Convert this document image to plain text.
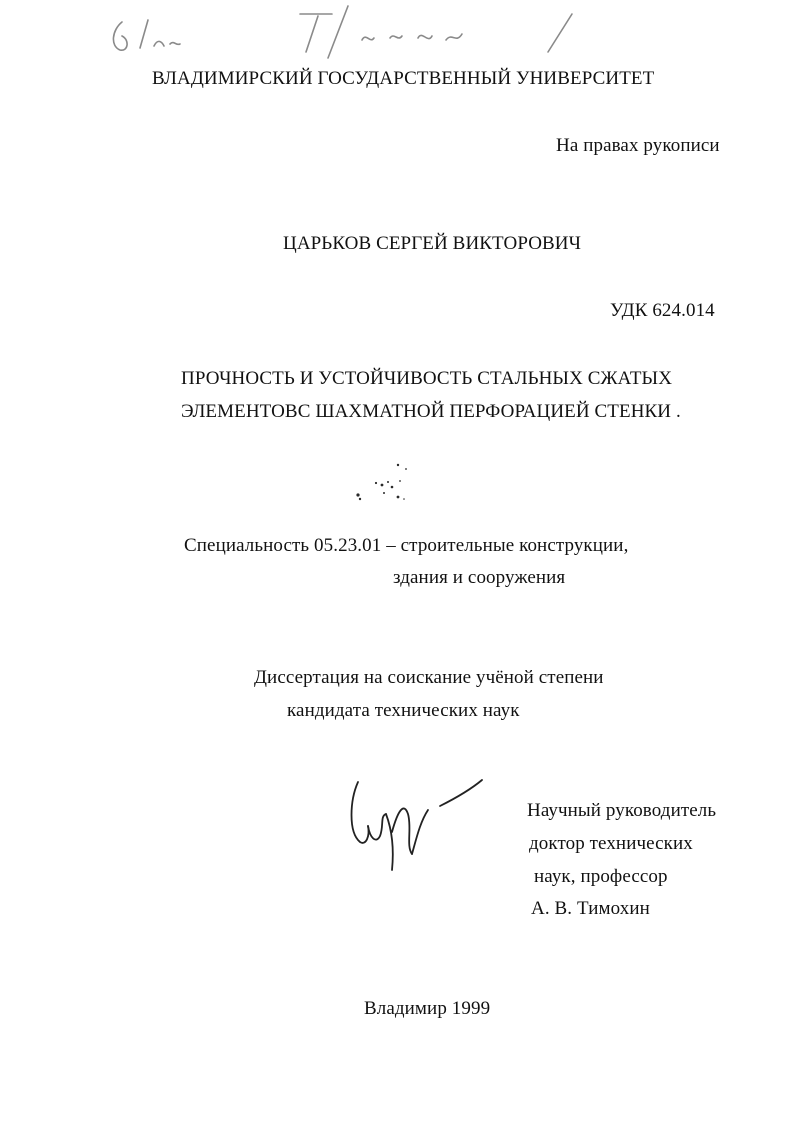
ВЛАДИМИРСКИЙ ГОСУДАРСТВЕННЫЙ УНИВЕРСИТЕТ
На правах рукописи
ЦАРЬКОВ СЕРГЕЙ ВИКТОРОВИЧ
УДК 624.014
ПРОЧНОСТЬ И УСТОЙЧИВОСТЬ СТАЛЬНЫХ СЖАТЫХ
ЭЛЕМЕНТОВС ШАХМАТНОЙ ПЕРФОРАЦИЕЙ СТЕНКИ .
Специальность 05.23.01 – строительные конструкции,
здания и сооружения
Диссертация на соискание учёной степени
кандидата технических наук
Научный руководитель
доктор технических
наук, профессор
А. В. Тимохин
Владимир 1999
